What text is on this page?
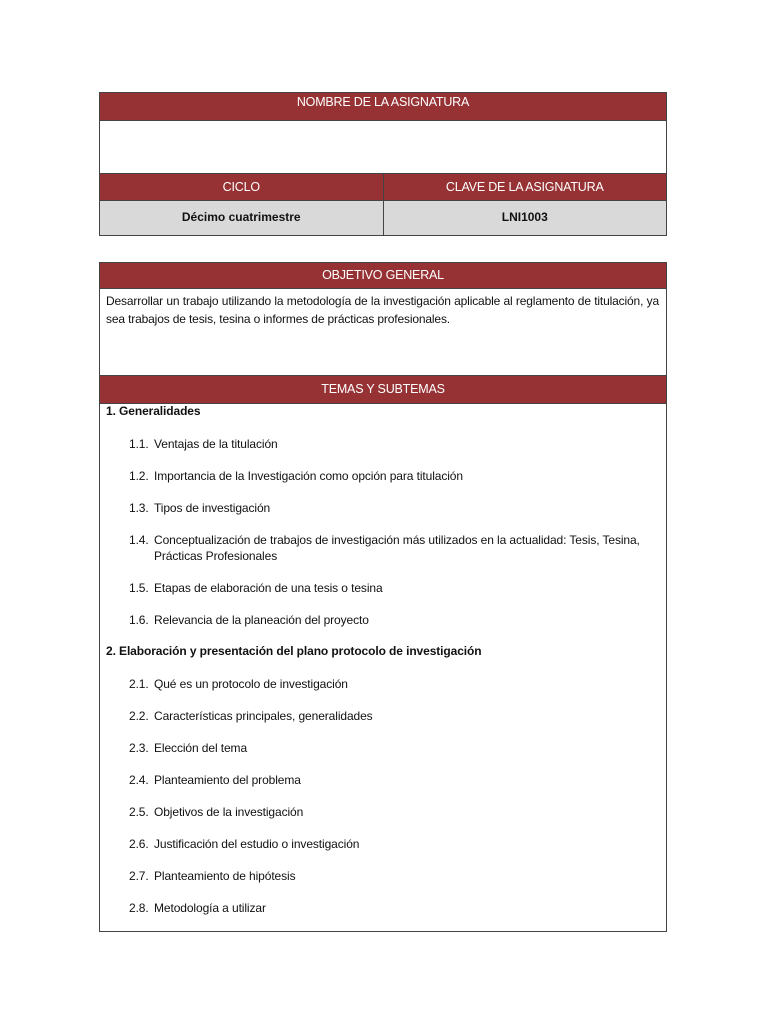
NOMBRE DE LA ASIGNATURA
CICLO	CLAVE DE LA ASIGNATURA
Décimo cuatrimestre	LNI1003
OBJETIVO GENERAL
Desarrollar un trabajo utilizando la metodología de la investigación aplicable al reglamento de titulación, ya sea trabajos de tesis, tesina o informes de prácticas profesionales.
TEMAS Y SUBTEMAS
1. Generalidades
1.1. Ventajas de la titulación
1.2. Importancia de la Investigación como opción para titulación
1.3. Tipos de investigación
1.4. Conceptualización de trabajos de investigación más utilizados en la actualidad: Tesis, Tesina,
Prácticas Profesionales
1.5. Etapas de elaboración de una tesis o tesina
1.6. Relevancia de la planeación del proyecto
2. Elaboración y presentación del plano protocolo de investigación
2.1. Qué es un protocolo de investigación
2.2. Características principales, generalidades
2.3. Elección del tema
2.4. Planteamiento del problema
2.5. Objetivos de la investigación
2.6. Justificación del estudio o investigación
2.7. Planteamiento de hipótesis
2.8. Metodología a utilizar
